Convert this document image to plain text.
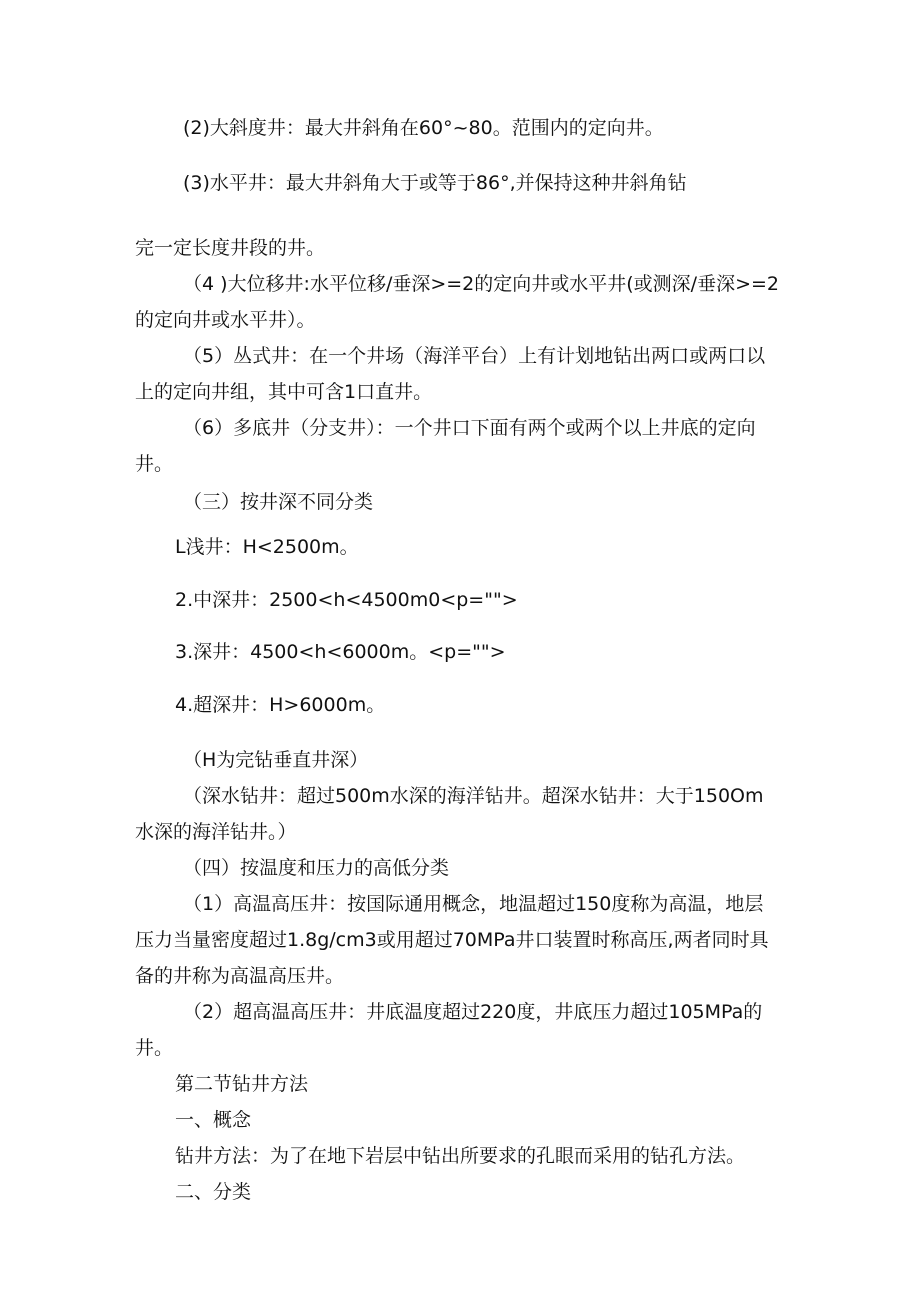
(2)大斜度井：最大井斜角在60°~80。范围内的定向井。
(3)水平井：最大井斜角大于或等于86°,并保持这种井斜角钻
完一定长度井段的井。
（4 )大位移井:水平位移/垂深>=2的定向井或水平井(或测深/垂深>=2
的定向井或水平井）。
（5）丛式井：在一个井场（海洋平台）上有计划地钻出两口或两口以
上的定向井组，其中可含1口直井。
（6）多底井（分支井）：一个井口下面有两个或两个以上井底的定向
井。
（三）按井深不同分类
L浅井：H<2500m。
2.中深井：2500<h<4500m0<p="">
3.深井：4500<h<6000m。<p="">
4.超深井：H>6000m。
（H为完钻垂直井深）
（深水钻井：超过500m水深的海洋钻井。超深水钻井：大于150Om
水深的海洋钻井。）
（四）按温度和压力的高低分类
（1）高温高压井：按国际通用概念，地温超过150度称为高温，地层
压力当量密度超过1.8g∕cm3或用超过70MPa井口装置时称高压,两者同时具
备的井称为高温高压井。
（2）超高温高压井：井底温度超过220度，井底压力超过105MPa的
井。
第二节钻井方法
一、概念
钻井方法：为了在地下岩层中钻出所要求的孔眼而采用的钻孔方法。
二、分类
